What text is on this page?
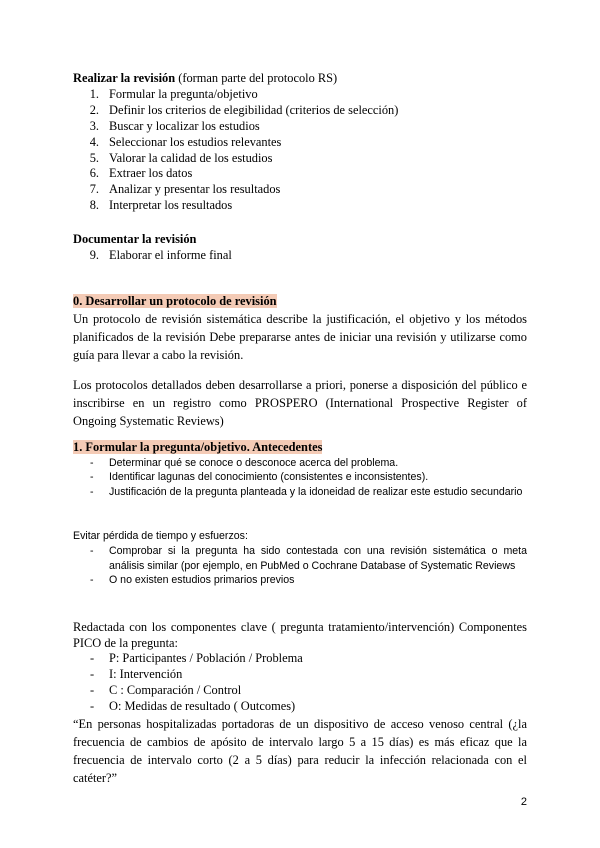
Realizar la revisión (forman parte del protocolo RS)

1. Formular la pregunta/objetivo
2. Definir los criterios de elegibilidad (criterios de selección)
3. Buscar y localizar los estudios
4. Seleccionar los estudios relevantes
5. Valorar la calidad de los estudios
6. Extraer los datos
7. Analizar y presentar los resultados
8. Interpretar los resultados

Documentar la revisión

9. Elaborar el informe final

0. Desarrollar un protocolo de revisión

Un protocolo de revisión sistemática describe la justificación, el objetivo y los métodos planificados de la revisión Debe prepararse antes de iniciar una revisión y utilizarse como guía para llevar a cabo la revisión.

Los protocolos detallados deben desarrollarse a priori, ponerse a disposición del público e inscribirse en un registro como PROSPERO (International Prospective Register of Ongoing Systematic Reviews)

1. Formular la pregunta/objetivo. Antecedentes

- Determinar qué se conoce o desconoce acerca del problema.
- Identificar lagunas del conocimiento (consistentes e inconsistentes).
- Justificación de la pregunta planteada y la idoneidad de realizar este estudio secundario

Evitar pérdida de tiempo y esfuerzos:

- Comprobar si la pregunta ha sido contestada con una revisión sistemática o meta análisis similar (por ejemplo, en PubMed o Cochrane Database of Systematic Reviews
- O no existen estudios primarios previos

Redactada con los componentes clave ( pregunta tratamiento/intervención) Componentes PICO de la pregunta:

- P: Participantes / Población / Problema
- I: Intervención
- C : Comparación / Control
- O: Medidas de resultado ( Outcomes)

“En personas hospitalizadas portadoras de un dispositivo de acceso venoso central (¿la frecuencia de cambios de apósito de intervalo largo 5 a 15 días) es más eficaz que la frecuencia de intervalo corto (2 a 5 días) para reducir la infección relacionada con el catéter?”

2
